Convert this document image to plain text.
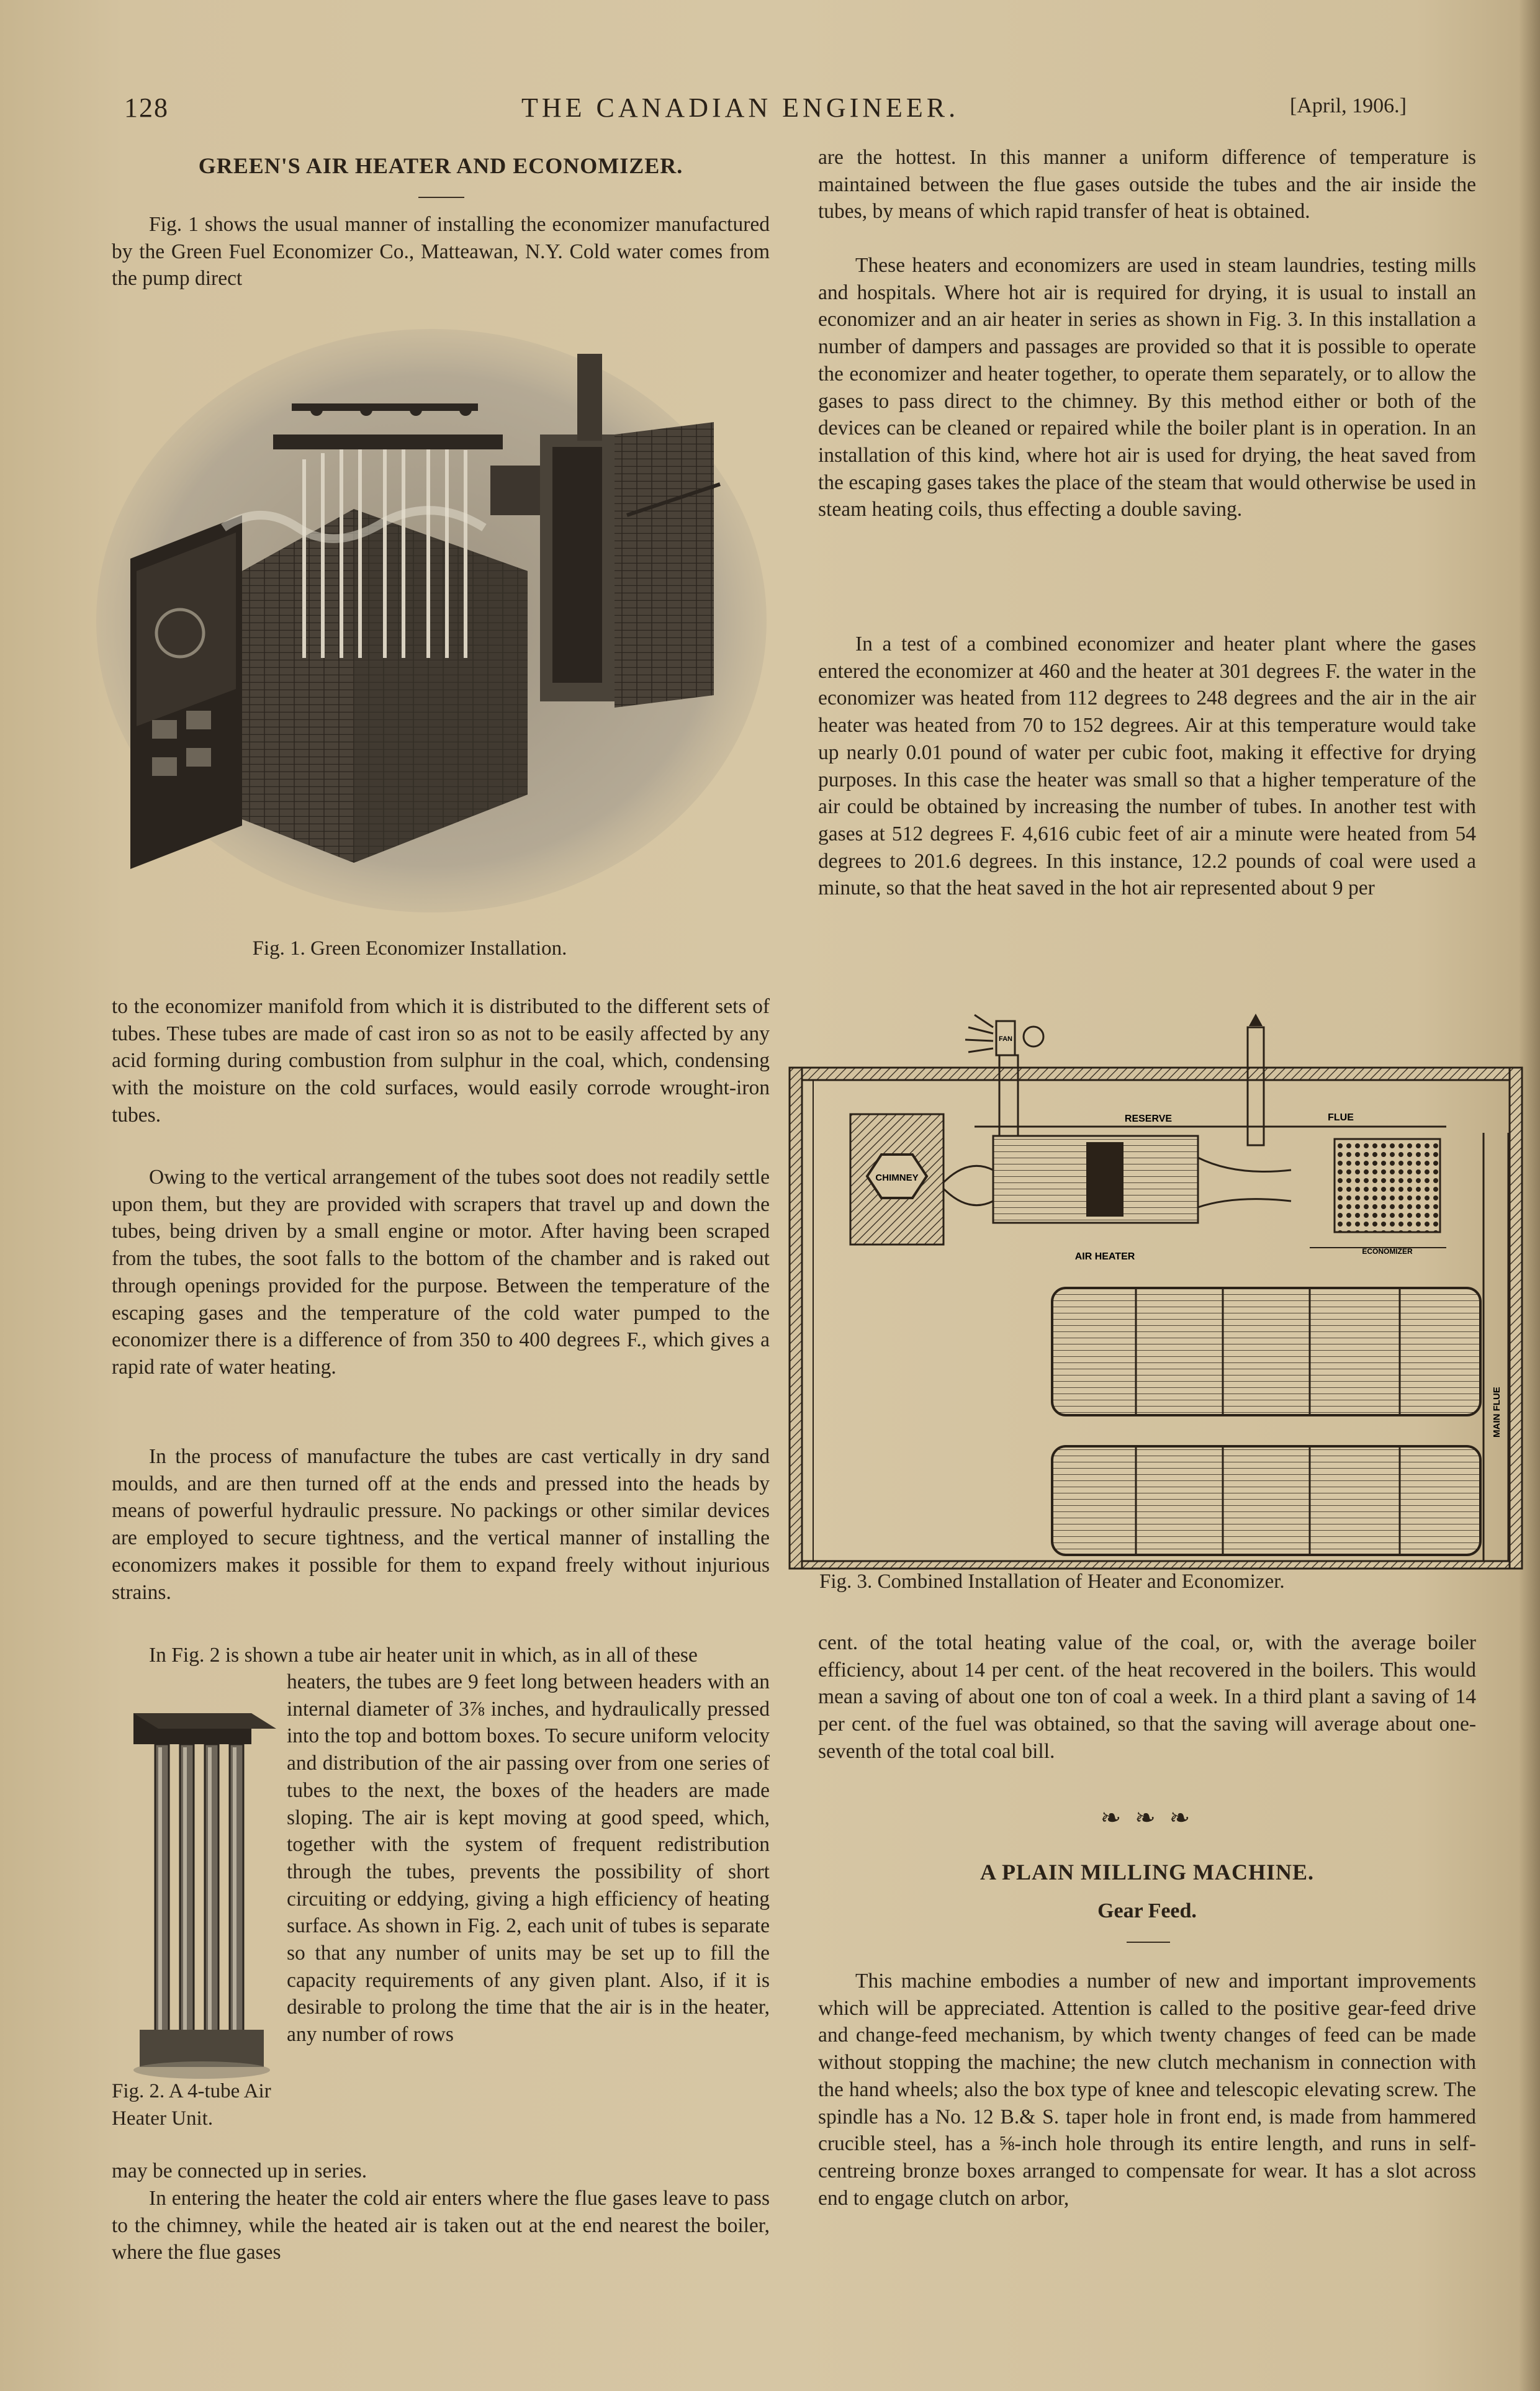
128	THE CANADIAN ENGINEER.	[April, 1906.]
GREEN'S AIR HEATER AND ECONOMIZER.

Fig. 1 shows the usual manner of installing the economizer manufactured by the Green Fuel Economizer Co., Matteawan, N.Y. Cold water comes from the pump direct

Fig. 1. Green Economizer Installation.

to the economizer manifold from which it is distributed to the different sets of tubes. These tubes are made of cast iron so as not to be easily affected by any acid forming during combustion from sulphur in the coal, which, condensing with the moisture on the cold surfaces, would easily corrode wrought-iron tubes.

Owing to the vertical arrangement of the tubes soot does not readily settle upon them, but they are provided with scrapers that travel up and down the tubes, being driven by a small engine or motor. After having been scraped from the tubes, the soot falls to the bottom of the chamber and is raked out through openings provided for the purpose. Between the temperature of the escaping gases and the temperature of the cold water pumped to the economizer there is a difference of from 350 to 400 degrees F., which gives a rapid rate of water heating.

In the process of manufacture the tubes are cast vertically in dry sand moulds, and are then turned off at the ends and pressed into the heads by means of powerful hydraulic pressure. No packings or other similar devices are employed to secure tightness, and the vertical manner of installing the economizers makes it possible for them to expand freely without injurious strains.

In Fig. 2 is shown a tube air heater unit in which, as in all of these

heaters, the tubes are 9 feet long between headers with an internal diameter of 3⅞ inches, and hydraulically pressed into the top and bottom boxes. To secure uniform velocity and distribution of the air passing over from one series of tubes to the next, the boxes of the headers are made sloping. The air is kept moving at good speed, which, together with the system of frequent redistribution through the tubes, prevents the possibility of short circuiting or eddying, giving a high efficiency of heating surface. As shown in Fig. 2, each unit of tubes is separate so that any number of units may be set up to fill the capacity requirements of any given plant. Also, if it is desirable to prolong the time that the air is in the heater, any number of rows

Fig. 2. A 4-tube Air Heater Unit.

may be connected up in series.

In entering the heater the cold air enters where the flue gases leave to pass to the chimney, while the heated air is taken out at the end nearest the boiler, where the flue gases

are the hottest. In this manner a uniform difference of temperature is maintained between the flue gases outside the tubes and the air inside the tubes, by means of which rapid transfer of heat is obtained.

These heaters and economizers are used in steam laundries, testing mills and hospitals. Where hot air is required for drying, it is usual to install an economizer and an air heater in series as shown in Fig. 3. In this installation a number of dampers and passages are provided so that it is possible to operate the economizer and heater together, to operate them separately, or to allow the gases to pass direct to the chimney. By this method either or both of the devices can be cleaned or repaired while the boiler plant is in operation. In an installation of this kind, where hot air is used for drying, the heat saved from the escaping gases takes the place of the steam that would otherwise be used in steam heating coils, thus effecting a double saving.

In a test of a combined economizer and heater plant where the gases entered the economizer at 460 and the heater at 301 degrees F. the water in the economizer was heated from 112 degrees to 248 degrees and the air in the air heater was heated from 70 to 152 degrees. Air at this temperature would take up nearly 0.01 pound of water per cubic foot, making it effective for drying purposes. In this case the heater was small so that a higher temperature of the air could be obtained by increasing the number of tubes. In another test with gases at 512 degrees F. 4,616 cubic feet of air a minute were heated from 54 degrees to 201.6 degrees. In this instance, 12.2 pounds of coal were used a minute, so that the heat saved in the hot air represented about 9 per

CHIMNEY
FAN
RESERVE	FLUE
AIR HEATER	ECONOMIZER
MAIN FLUE
Fig. 3. Combined Installation of Heater and Economizer.

cent. of the total heating value of the coal, or, with the average boiler efficiency, about 14 per cent. of the heat recovered in the boilers. This would mean a saving of about one ton of coal a week. In a third plant a saving of 14 per cent. of the fuel was obtained, so that the saving will average about one-seventh of the total coal bill.

❧ ❧ ❧
A PLAIN MILLING MACHINE.
Gear Feed.

This machine embodies a number of new and important improvements which will be appreciated. Attention is called to the positive gear-feed drive and change-feed mechanism, by which twenty changes of feed can be made without stopping the machine; the new clutch mechanism in connection with the hand wheels; also the box type of knee and telescopic elevating screw. The spindle has a No. 12 B.& S. taper hole in front end, is made from hammered crucible steel, has a ⅝-inch hole through its entire length, and runs in self-centreing bronze boxes arranged to compensate for wear. It has a slot across end to engage clutch on arbor,
